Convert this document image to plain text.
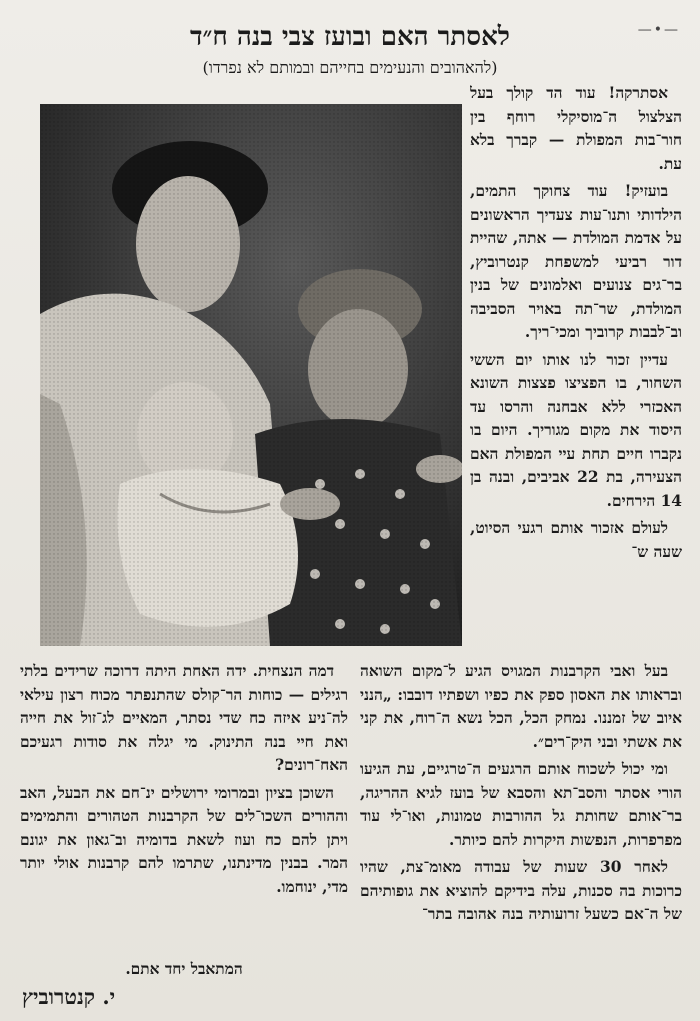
—•—
לאסתר האם ובועז צבי בנה ח״ד
(להאהובים והנעימים בחייהם ובמותם לא נפרדו)

אסתרקה! עוד הד קולך בעל הצלצול ה־מוסיקלי רוחף בין חור־בות המפולת — קברך בלא עת.

בועזיק! עוד צחוקך התמים, הילדותי ותנו־עות צעדיך הראשונים על אדמת המולדת — אתה, שהיית דור רביעי למשפחת קנטרוביץ, בר־גים צנועים ואלמונים של בנין המולדת, שר־תה באויר הסביבה וב־לבבות קרוביך ומכי־ריך.

עדיין זכור לנו אותו יום הששי השחור, בו הפציצו פצצות השונא האכזרי ללא אבחנה והרסו עד היסוד את מקום מגוריך. היום בו נקברו חיים תחת עיי המפולת האם הצעירה, בת 22 אביבים, ובנה בן 14 הירחים.

לעולם אזכור אותם רגעי הסיוט, שעה ש־

בעל ואבי הקרבנות המגויס הגיע ל־מקום השואה ובראותו את האסון ספק את כפיו ושפתיו דובבו: „הנני איוב של זמננו. נמחק הכל, הכל נשא ה־רוח, את קני את אשתי ובני היק־רים״.

ומי יכול לשכוח אותם הרגעים ה־טרגיים, עת הגיעו הורי אסתר והסב־תא והסבא של בועז לגיא ההריגה, בר־אותם שחותת גל ההורבות טמונות, ואו־לי עוד מפרפרות, הנפשות היקרות להם כיותר.

לאחר 30 שעות של עבודה מאומ־צת, שהיו כרוכות בה סכנות, עלה בידיקם להוציא את גופותיהם של ה־אם כשעל זרועותיה בנה אהובה בתר־

דמה הנצחית. ידה האחת היתה דרוכה שרידים בלתי רגילים — כוחות הר־קולס שהתנפתר מכוח רצון עילאי לה־ניע איזה כח שדי נסתר, המאיים לג־זול את חייה ואת חיי בנה התינוק. מי יגלה את סודות רגעיכם האח־רונים?

השוכן בציון ובמרומי ירושלים ינ־חם את הבעל, האב וההורים השכו־לים של הקרבנות הטהורים והתמימים ויתן להם כח ועוז לשאת בדומיה וב־גאון את יגונם המר. בבנין מדינתנו, שתרמו להם קרבנות אולי יותר מדי, ינוחמו.

המתאבל יחד אתם.
י. קנטרוביץ
